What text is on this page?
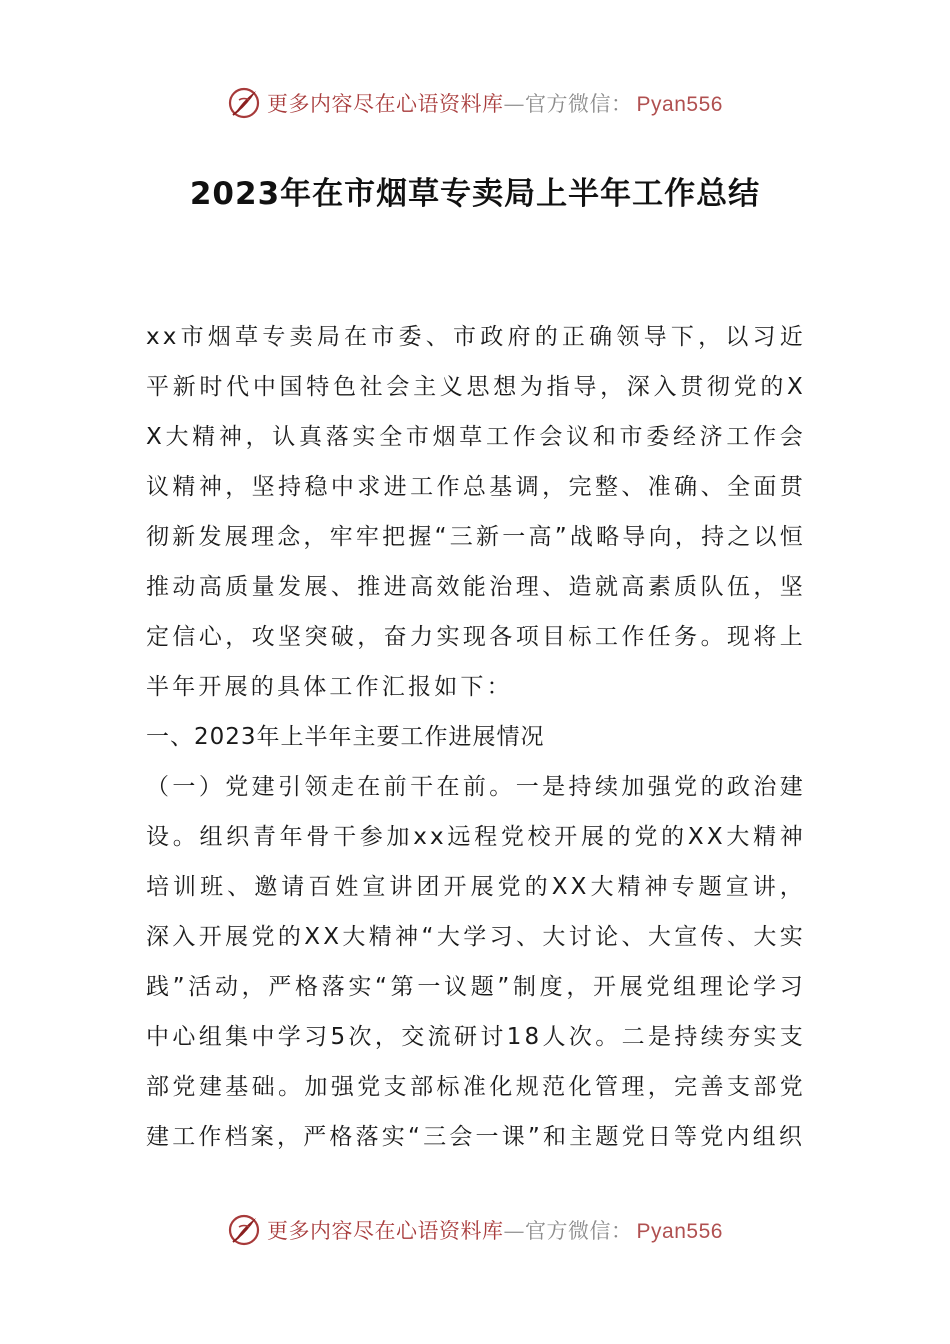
更多内容尽在心语资料库—官方微信： Pyan556
2023年在市烟草专卖局上半年工作总结

xx市烟草专卖局在市委、市政府的正确领导下，以习近平新时代中国特色社会主义思想为指导，深入贯彻党的XX大精神，认真落实全市烟草工作会议和市委经济工作会议精神，坚持稳中求进工作总基调，完整、准确、全面贯彻新发展理念，牢牢把握“三新一高”战略导向，持之以恒推动高质量发展、推进高效能治理、造就高素质队伍，坚定信心，攻坚突破，奋力实现各项目标工作任务。现将上半年开展的具体工作汇报如下：

一、2023年上半年主要工作进展情况

（一）党建引领走在前干在前。一是持续加强党的政治建设。组织青年骨干参加xx远程党校开展的党的XX大精神培训班、邀请百姓宣讲团开展党的XX大精神专题宣讲，深入开展党的XX大精神“大学习、大讨论、大宣传、大实践”活动，严格落实“第一议题”制度，开展党组理论学习中心组集中学习5次，交流研讨18人次。二是持续夯实支部党建基础。加强党支部标准化规范化管理，完善支部党建工作档案，严格落实“三会一课”和主题党日等党内组织

更多内容尽在心语资料库—官方微信： Pyan556
